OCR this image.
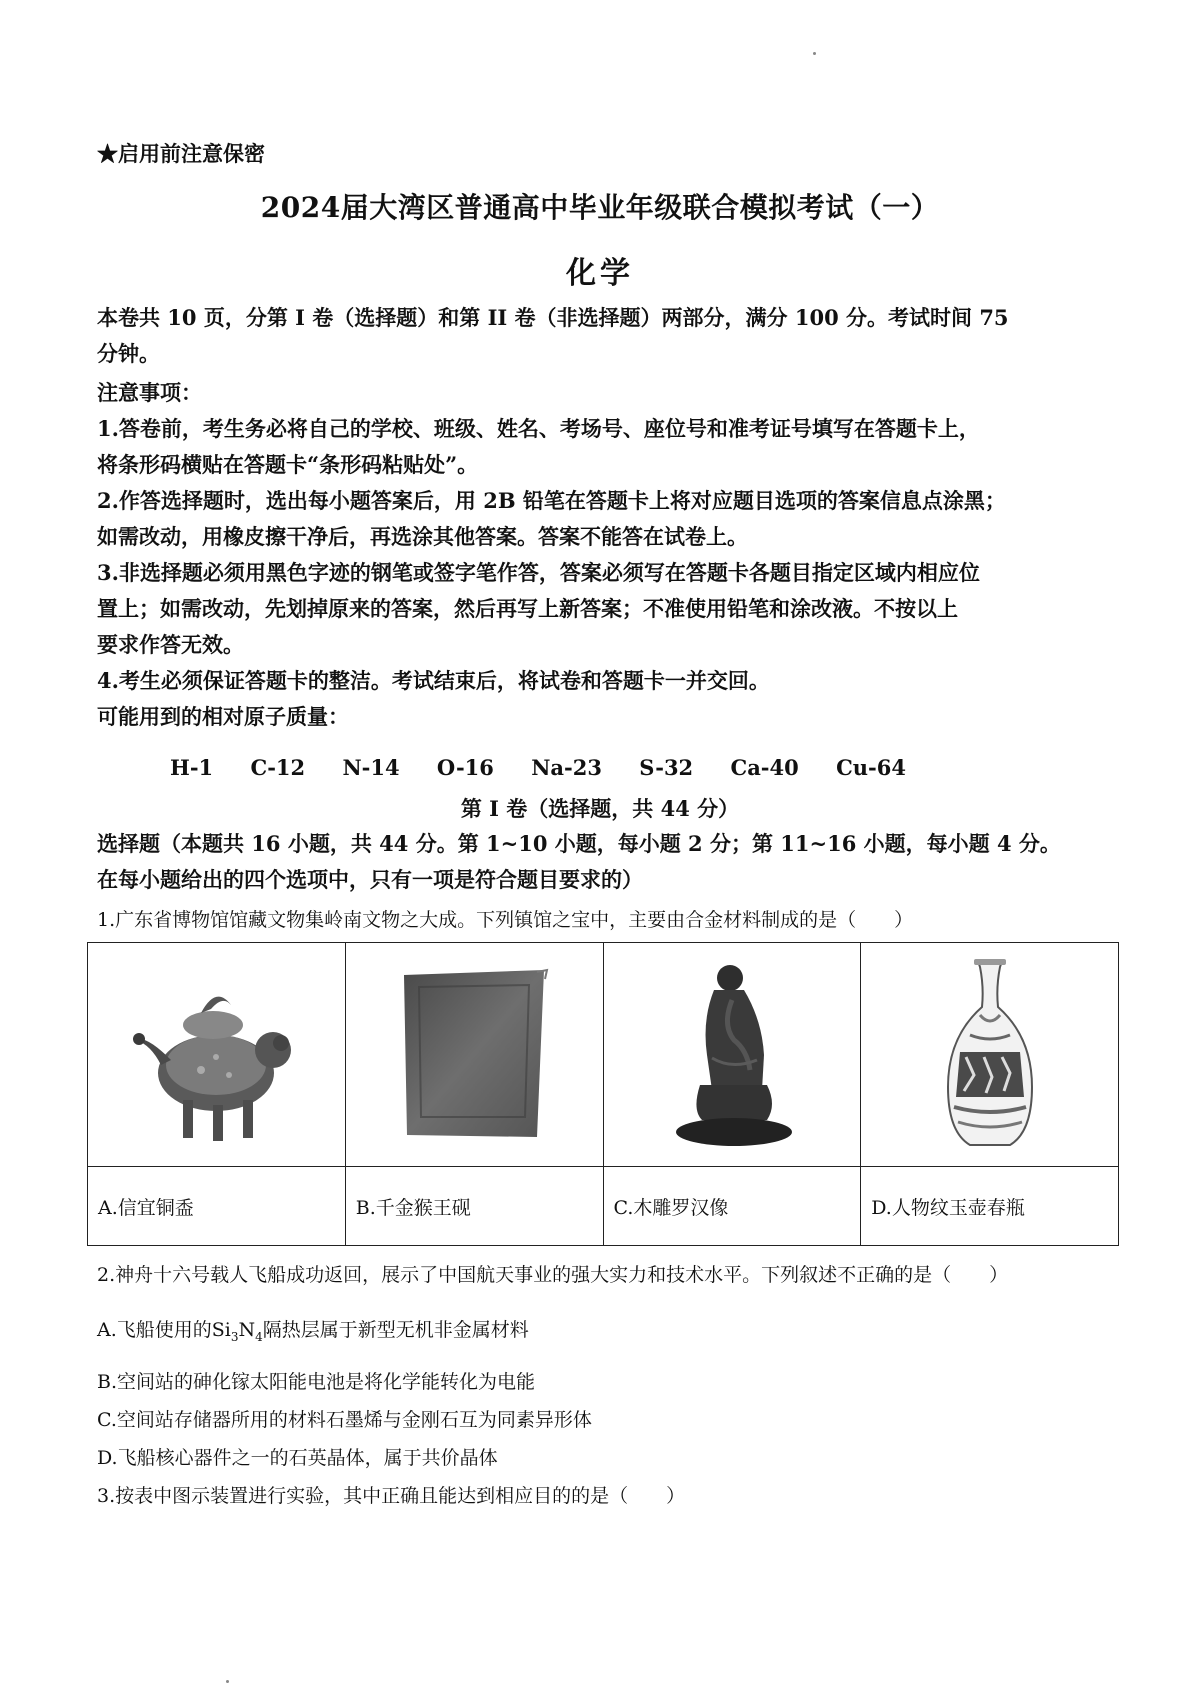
★启用前注意保密
2024届大湾区普通高中毕业年级联合模拟考试（一）
化学
本卷共 10 页，分第 I 卷（选择题）和第 II 卷（非选择题）两部分，满分 100 分。考试时间 75
分钟。
注意事项：
1.答卷前，考生务必将自己的学校、班级、姓名、考场号、座位号和准考证号填写在答题卡上，
将条形码横贴在答题卡“条形码粘贴处”。
2.作答选择题时，选出每小题答案后，用 2B 铅笔在答题卡上将对应题目选项的答案信息点涂黑；
如需改动，用橡皮擦干净后，再选涂其他答案。答案不能答在试卷上。
3.非选择题必须用黑色字迹的钢笔或签字笔作答，答案必须写在答题卡各题目指定区域内相应位
置上；如需改动，先划掉原来的答案，然后再写上新答案；不准使用铅笔和涂改液。不按以上
要求作答无效。
4.考生必须保证答题卡的整洁。考试结束后，将试卷和答题卡一并交回。
可能用到的相对原子质量：
H-1 C-12 N-14 O-16 Na-23 S-32 Ca-40 Cu-64
第 I 卷（选择题，共 44 分）
选择题（本题共 16 小题，共 44 分。第 1~10 小题，每小题 2 分；第 11~16 小题，每小题 4 分。
在每小题给出的四个选项中，只有一项是符合题目要求的）
1.广东省博物馆馆藏文物集岭南文物之大成。下列镇馆之宝中，主要由合金材料制成的是（　　）

A.信宜铜盉	B.千金猴王砚	C.木雕罗汉像	D.人物纹玉壶春瓶
2.神舟十六号载人飞船成功返回，展示了中国航天事业的强大实力和技术水平。下列叙述不正确的是（　　）
A.飞船使用的$Si_3N_4$隔热层属于新型无机非金属材料
B.空间站的砷化镓太阳能电池是将化学能转化为电能
C.空间站存储器所用的材料石墨烯与金刚石互为同素异形体
D.飞船核心器件之一的石英晶体，属于共价晶体
3.按表中图示装置进行实验，其中正确且能达到相应目的的是（　　）
